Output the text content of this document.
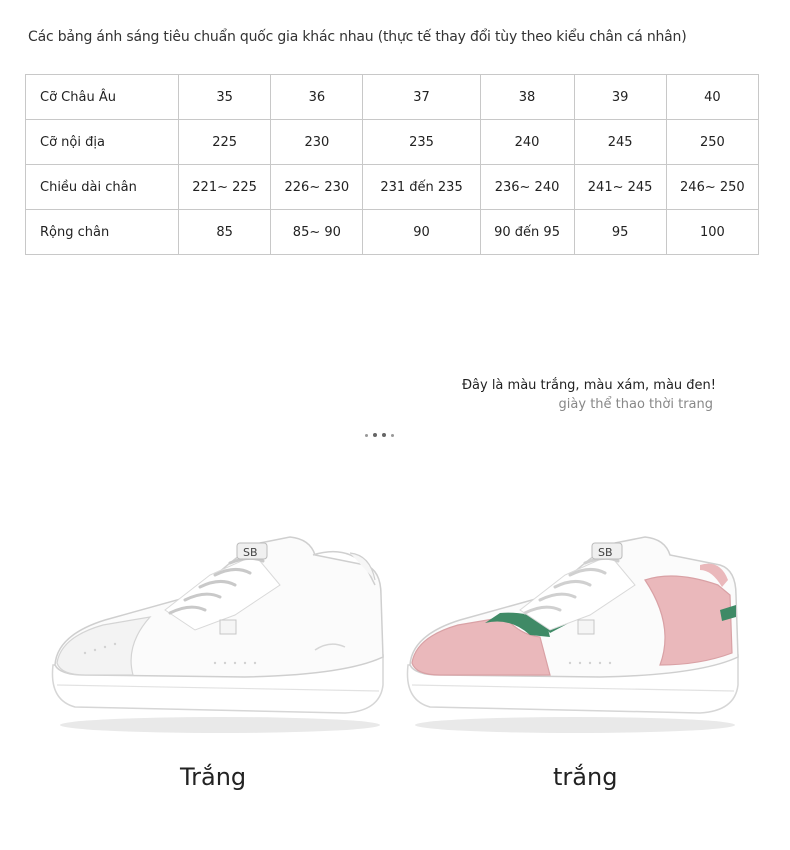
Các bảng ánh sáng tiêu chuẩn quốc gia khác nhau (thực tế thay đổi tùy theo kiểu chân cá nhân)
Cỡ Châu Âu	35	36	37	38	39	40
Cỡ nội địa	225	230	235	240	245	250
Chiều dài chân	221~ 225	226~ 230	231 đến 235	236~ 240	241~ 245	246~ 250
Rộng chân	85	85~ 90	90	90 đến 95	95	100
Đây là màu trắng, màu xám, màu đen!
giày thể thao thời trang
SB	SB
Trắng	trắng
